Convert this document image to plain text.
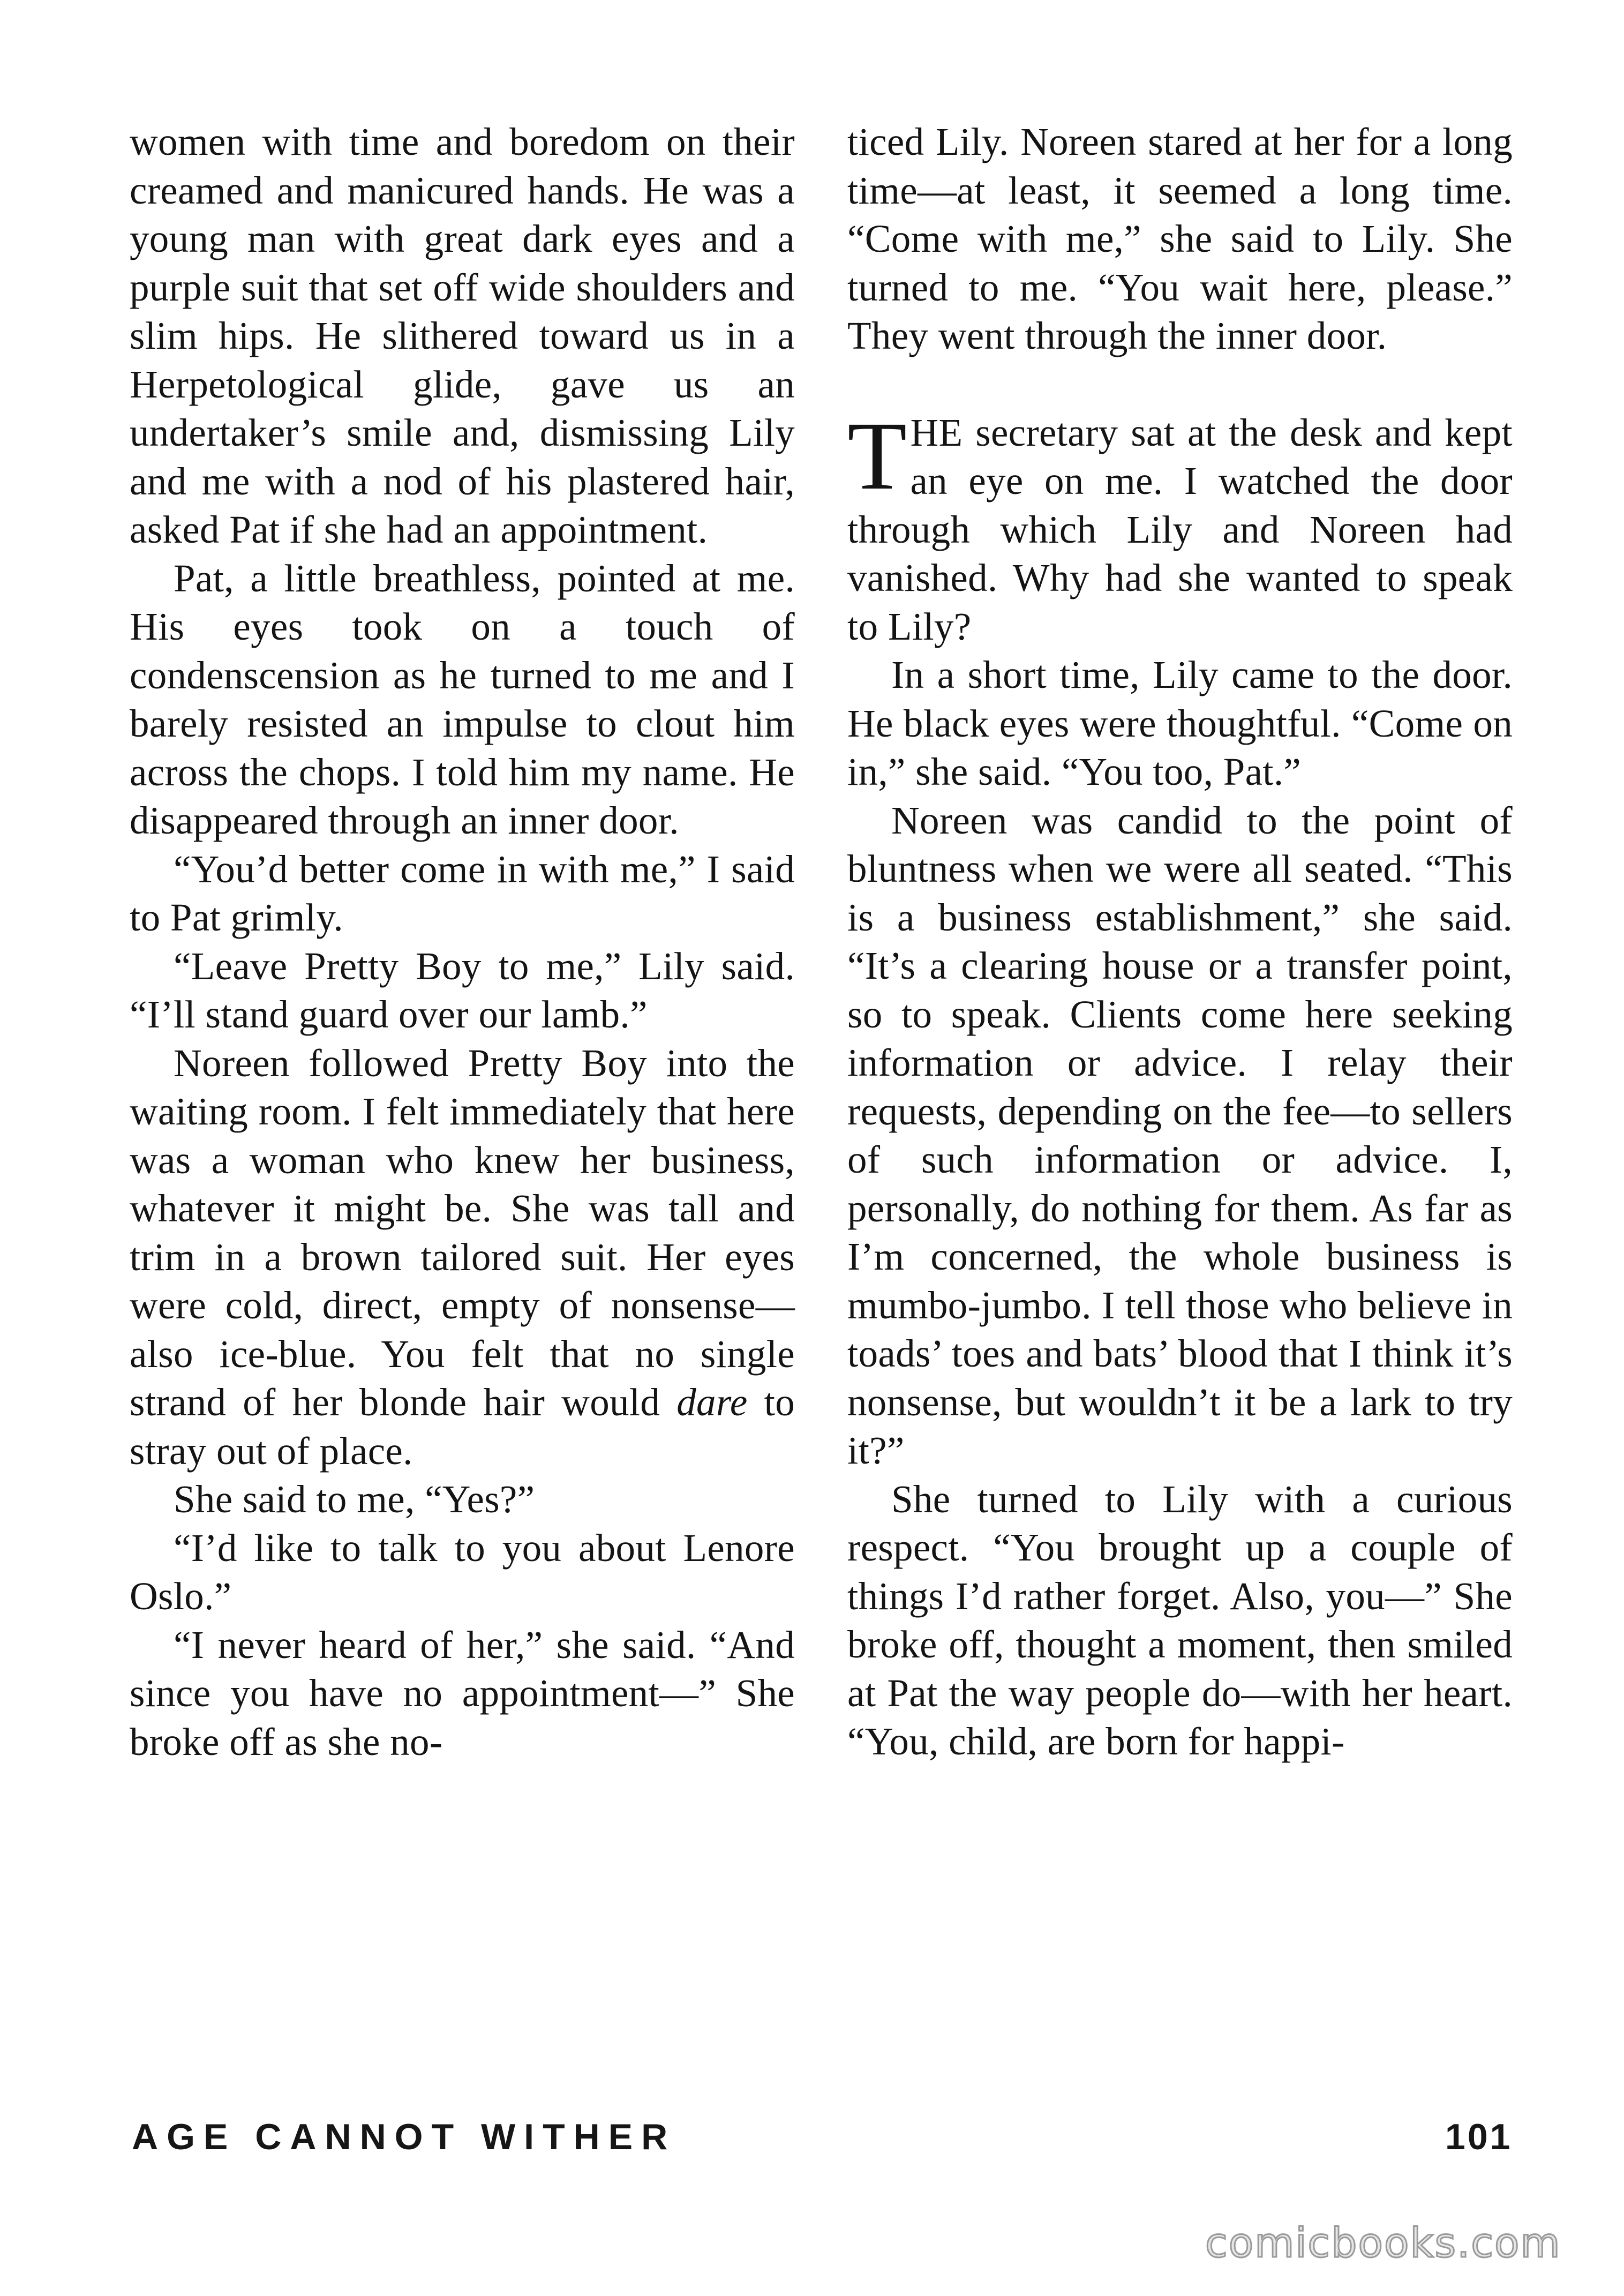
women with time and boredom on their creamed and manicured hands. He was a young man with great dark eyes and a purple suit that set off wide shoulders and slim hips. He slithered toward us in a Herpetological glide, gave us an undertaker’s smile and, dismissing Lily and me with a nod of his plastered hair, asked Pat if she had an appointment.

Pat, a little breathless, pointed at me. His eyes took on a touch of condenscension as he turned to me and I barely resisted an impulse to clout him across the chops. I told him my name. He disappeared through an inner door.

“You’d better come in with me,” I said to Pat grimly.

“Leave Pretty Boy to me,” Lily said. “I’ll stand guard over our lamb.”

Noreen followed Pretty Boy into the waiting room. I felt immediately that here was a woman who knew her business, whatever it might be. She was tall and trim in a brown tailored suit. Her eyes were cold, direct, empty of nonsense—also ice-blue. You felt that no single strand of her blonde hair would dare to stray out of place.

She said to me, “Yes?”

“I’d like to talk to you about Lenore Oslo.”

“I never heard of her,” she said. “And since you have no appointment—” She broke off as she no-

ticed Lily. Noreen stared at her for a long time—at least, it seemed a long time. “Come with me,” she said to Lily. She turned to me. “You wait here, please.” They went through the inner door.

THE secretary sat at the desk and kept an eye on me. I watched the door through which Lily and Noreen had vanished. Why had she wanted to speak to Lily?

In a short time, Lily came to the door. He black eyes were thoughtful. “Come on in,” she said. “You too, Pat.”

Noreen was candid to the point of bluntness when we were all seated. “This is a business establishment,” she said. “It’s a clearing house or a transfer point, so to speak. Clients come here seeking information or advice. I relay their requests, depending on the fee—to sellers of such information or advice. I, personally, do nothing for them. As far as I’m concerned, the whole business is mumbo-jumbo. I tell those who believe in toads’ toes and bats’ blood that I think it’s nonsense, but wouldn’t it be a lark to try it?”

She turned to Lily with a curious respect. “You brought up a couple of things I’d rather forget. Also, you—” She broke off, thought a moment, then smiled at Pat the way people do—with her heart. “You, child, are born for happi-

AGE CANNOT WITHER	101
comicbooks.com
